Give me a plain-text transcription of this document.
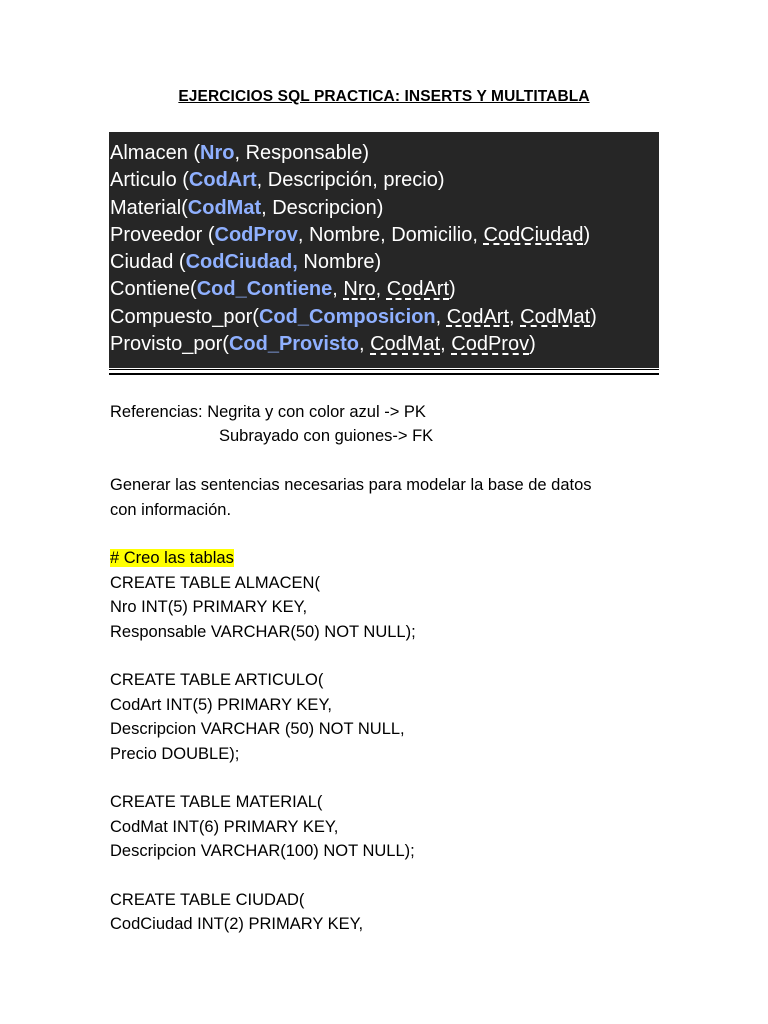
EJERCICIOS SQL PRACTICA: INSERTS Y MULTITABLA
Almacen (Nro, Responsable)
Articulo (CodArt, Descripción, precio)
Material(CodMat, Descripcion)
Proveedor (CodProv, Nombre, Domicilio, CodCiudad)
Ciudad (CodCiudad, Nombre)
Contiene(Cod_Contiene, Nro, CodArt)
Compuesto_por(Cod_Composicion, CodArt, CodMat)
Provisto_por(Cod_Provisto, CodMat, CodProv)
Referencias: Negrita y con color azul -> PK
Subrayado con guiones-> FK
Generar las sentencias necesarias para modelar la base de datos
con información.
# Creo las tablas
CREATE TABLE ALMACEN(
Nro INT(5) PRIMARY KEY,
Responsable VARCHAR(50) NOT NULL);
CREATE TABLE ARTICULO(
CodArt INT(5) PRIMARY KEY,
Descripcion VARCHAR (50) NOT NULL,
Precio DOUBLE);
CREATE TABLE MATERIAL(
CodMat INT(6) PRIMARY KEY,
Descripcion VARCHAR(100) NOT NULL);
CREATE TABLE CIUDAD(
CodCiudad INT(2) PRIMARY KEY,
